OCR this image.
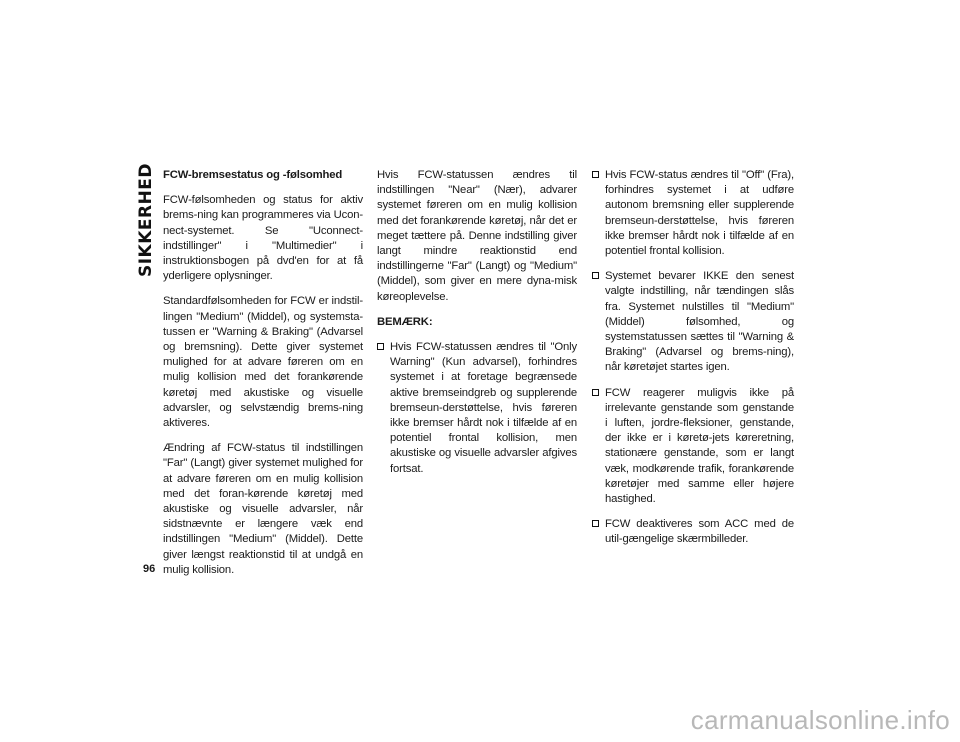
SIKKERHED FCW-bremsestatus og -følsomhed

FCW-følsomheden og status for aktiv brems-ning kan programmeres via Ucon-nect-systemet. Se "Uconnect-indstillinger" i "Multimedier" i instruktionsbogen på dvd'en for at få yderligere oplysninger.

Standardfølsomheden for FCW er indstil-lingen "Medium" (Middel), og systemsta-tussen er "Warning & Braking" (Advarsel og bremsning). Dette giver systemet mulighed for at advare føreren om en mulig kollision med det forankørende køretøj med akustiske og visuelle advarsler, og selvstændig brems-ning aktiveres.

Ændring af FCW-status til indstillingen "Far" (Langt) giver systemet mulighed for at advare føreren om en mulig kollision med det foran-kørende køretøj med akustiske og visuelle advarsler, når sidstnævnte er længere væk end indstillingen "Medium" (Middel). Dette giver længst reaktionstid til at undgå en mulig kollision.

Hvis FCW-statussen ændres til indstillingen "Near" (Nær), advarer systemet føreren om en mulig kollision med det forankørende køretøj, når det er meget tættere på. Denne indstilling giver langt mindre reaktionstid end indstillingerne "Far" (Langt) og "Medium" (Middel), som giver en mere dyna-misk køreoplevelse.

BEMÆRK:

Hvis FCW-statussen ændres til "Only Warning" (Kun advarsel), forhindres systemet i at foretage begrænsede aktive bremseindgreb og supplerende bremseun-derstøttelse, hvis føreren ikke bremser hårdt nok i tilfælde af en potentiel frontal kollision, men akustiske og visuelle advarsler afgives fortsat.
Hvis FCW-status ændres til "Off" (Fra), forhindres systemet i at udføre autonom bremsning eller supplerende bremseun-derstøttelse, hvis føreren ikke bremser hårdt nok i tilfælde af en potentiel frontal kollision.
Systemet bevarer IKKE den senest valgte indstilling, når tændingen slås fra. Systemet nulstilles til "Medium" (Middel) følsomhed, og systemstatussen sættes til "Warning & Braking" (Advarsel og brems-ning), når køretøjet startes igen.
FCW reagerer muligvis ikke på irrelevante genstande som genstande i luften, jordre-fleksioner, genstande, der ikke er i køretø-jets køreretning, stationære genstande, som er langt væk, modkørende trafik, forankørende køretøjer med samme eller højere hastighed.
FCW deaktiveres som ACC med de util-gængelige skærmbilleder.
96
carmanualsonline.info
